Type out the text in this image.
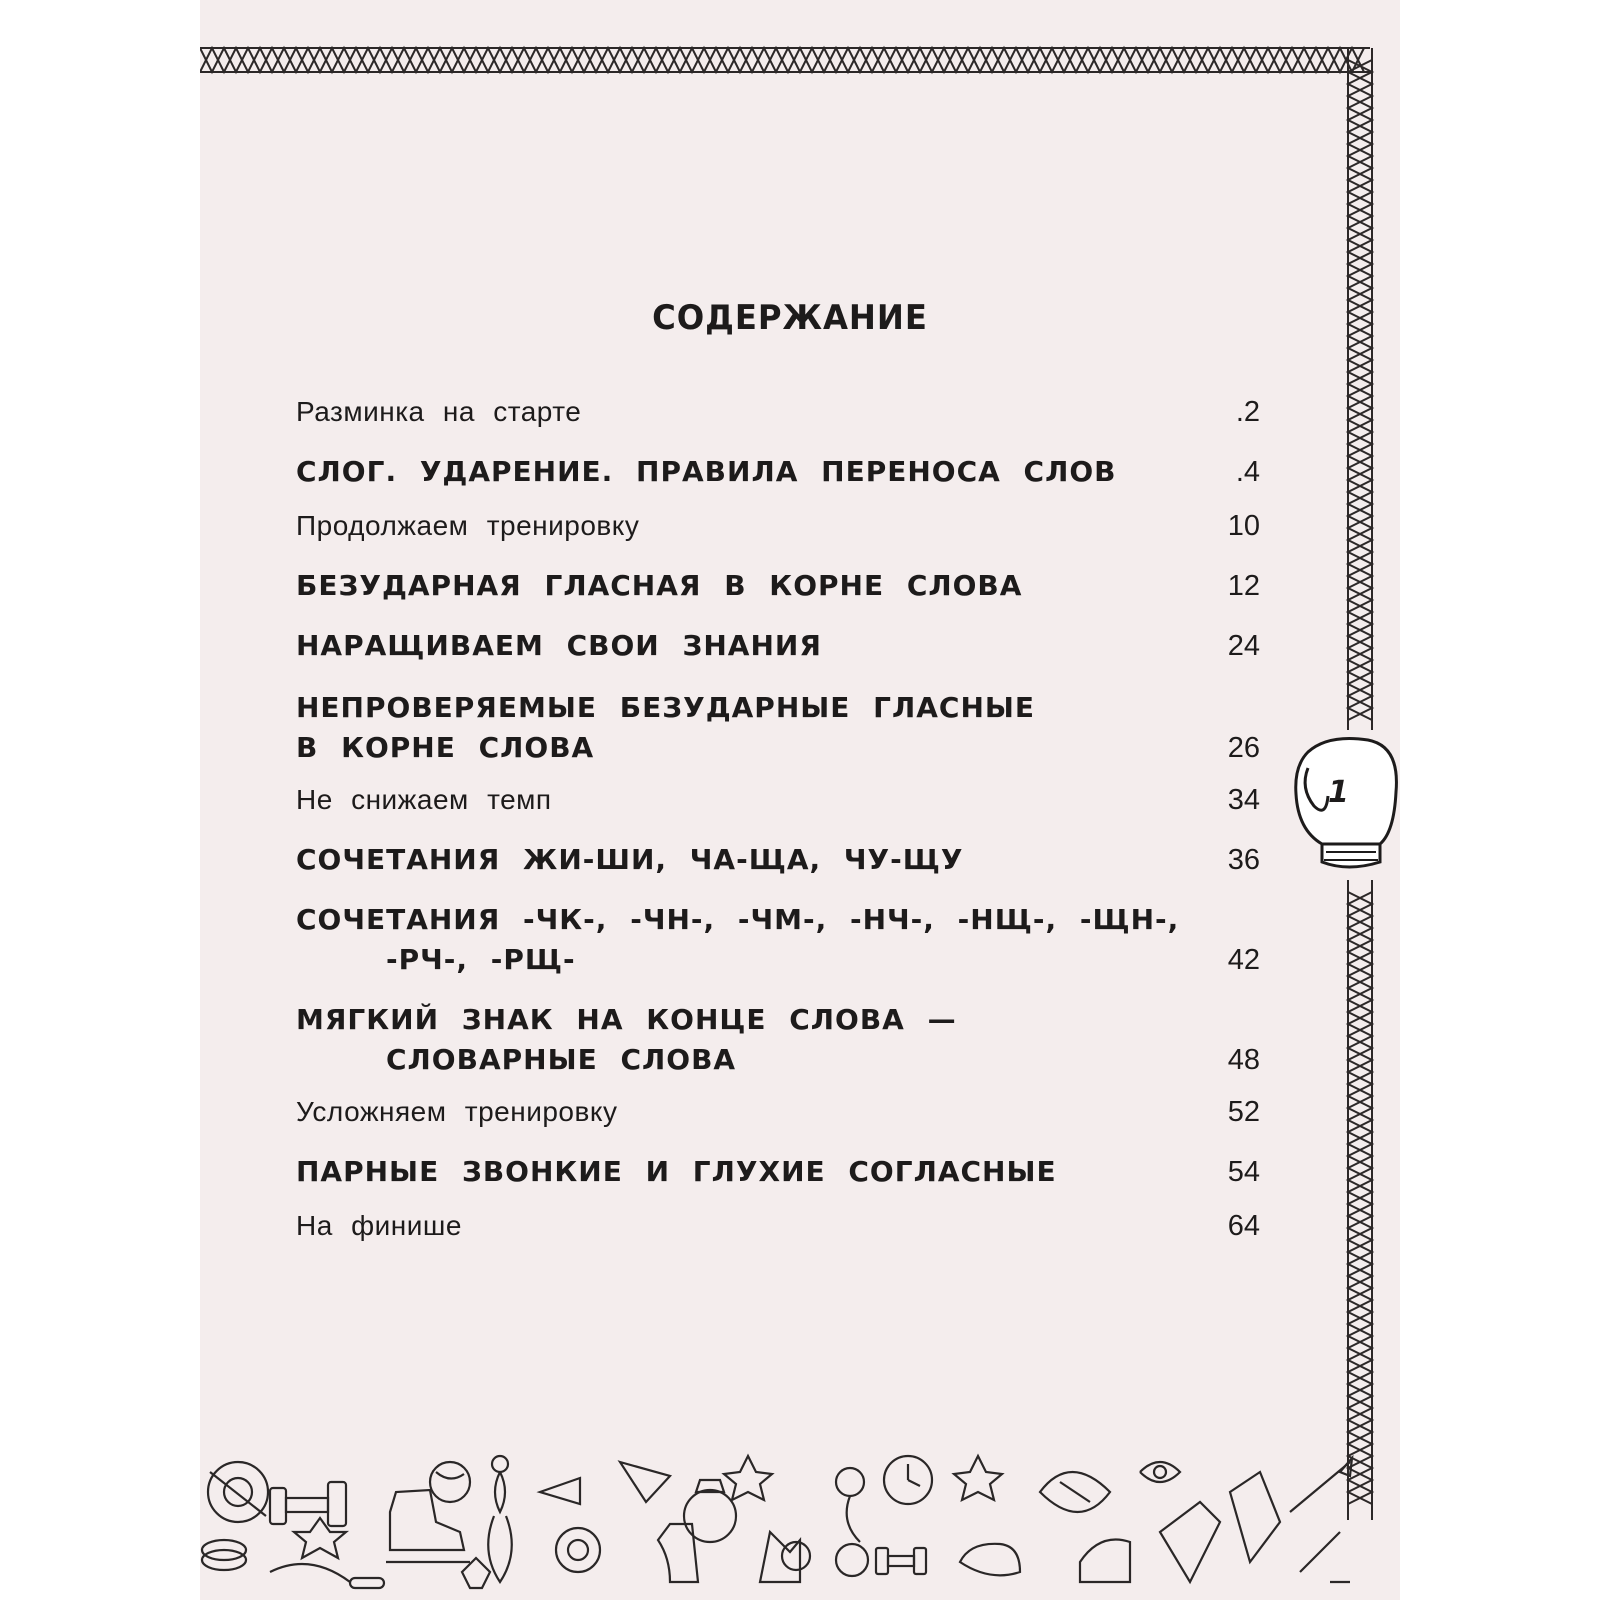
СОДЕРЖАНИЕ
Разминка на старте	.2
СЛОГ. УДАРЕНИЕ. ПРАВИЛА ПЕРЕНОСА СЛОВ	.4
Продолжаем тренировку	10
БЕЗУДАРНАЯ ГЛАСНАЯ В КОРНЕ СЛОВА	12
НАРАЩИВАЕМ СВОИ ЗНАНИЯ	24
НЕПРОВЕРЯЕМЫЕ БЕЗУДАРНЫЕ ГЛАСНЫЕ
В КОРНЕ СЛОВА	26
Не снижаем темп	34
СОЧЕТАНИЯ ЖИ-ШИ, ЧА-ЩА, ЧУ-ЩУ	36
СОЧЕТАНИЯ -ЧК-, -ЧН-, -ЧМ-, -НЧ-, -НЩ-, -ЩН-,
-РЧ-, -РЩ-	42
МЯГКИЙ ЗНАК НА КОНЦЕ СЛОВА —
СЛОВАРНЫЕ СЛОВА	48
Усложняем тренировку	52
ПАРНЫЕ ЗВОНКИЕ И ГЛУХИЕ СОГЛАСНЫЕ	54
На финише	64
1
